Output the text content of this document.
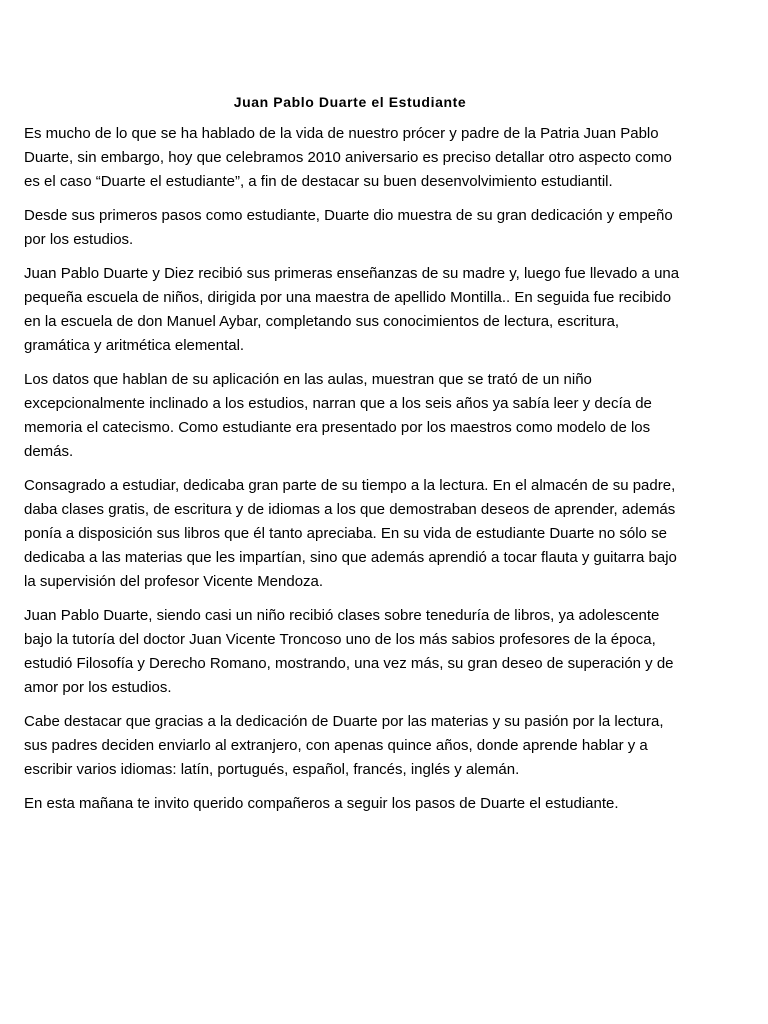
Juan Pablo Duarte el Estudiante

Es mucho de lo que se ha hablado de la vida de nuestro prócer y padre de la Patria Juan Pablo Duarte, sin embargo, hoy que celebramos 2010 aniversario es preciso detallar otro aspecto como es el caso “Duarte el estudiante”, a fin de destacar su buen desenvolvimiento estudiantil.

Desde sus primeros pasos como estudiante, Duarte dio muestra de su gran dedicación y empeño por los estudios.

Juan Pablo Duarte y Diez recibió sus primeras enseñanzas de su madre y, luego fue llevado a una pequeña escuela de niños, dirigida por una maestra de apellido Montilla.. En seguida fue recibido en la escuela de don Manuel Aybar, completando sus conocimientos de lectura, escritura, gramática y aritmética elemental.

Los datos que hablan de su aplicación en las aulas, muestran que se trató de un niño excepcionalmente inclinado a los estudios, narran que a los seis años ya sabía leer y decía de memoria el catecismo. Como estudiante era presentado por los maestros como modelo de los demás.

Consagrado a estudiar, dedicaba gran parte de su tiempo a la lectura. En el almacén de su padre, daba clases gratis, de escritura y de idiomas a los que demostraban deseos de aprender, además ponía a disposición sus libros que él tanto apreciaba. En su vida de estudiante Duarte no sólo se dedicaba a las materias que les impartían, sino que además aprendió a tocar flauta y guitarra bajo la supervisión del profesor Vicente Mendoza.

Juan Pablo Duarte, siendo casi un niño recibió clases sobre teneduría de libros, ya adolescente bajo la tutoría del doctor Juan Vicente Troncoso uno de los más sabios profesores de la época, estudió Filosofía y Derecho Romano, mostrando, una vez más, su gran deseo de superación y de amor por los estudios.

Cabe destacar que gracias a la dedicación de Duarte por las materias y su pasión por la lectura, sus padres deciden enviarlo al extranjero, con apenas quince años, donde aprende hablar y a escribir varios idiomas: latín, portugués, español, francés, inglés y alemán.

En esta mañana te invito querido compañeros a seguir los pasos de Duarte el estudiante.
